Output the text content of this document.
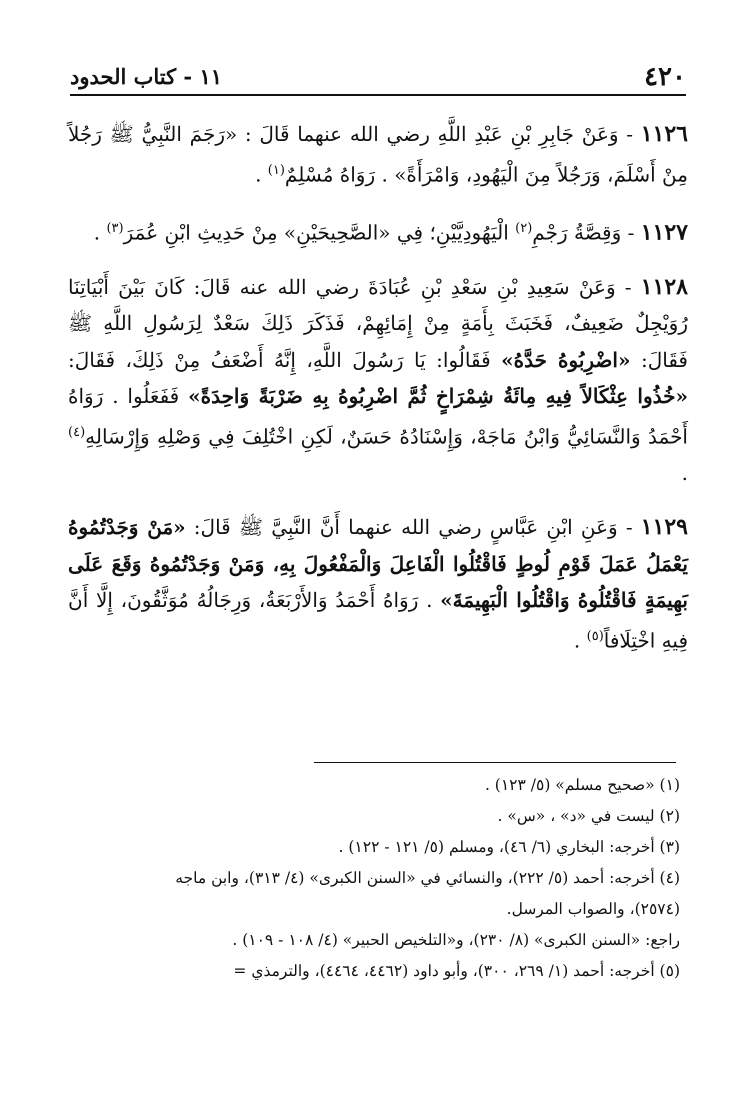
٤٢٠
١١ - كتاب الحدود

١١٢٦ - وَعَنْ جَابِرِ بْنِ عَبْدِ اللَّهِ رضي الله عنهما قَالَ : «رَجَمَ النَّبِيُّ ﷺ رَجُلاً مِنْ أَسْلَمَ، وَرَجُلاً مِنَ الْيَهُودِ، وَامْرَأَةً» . رَوَاهُ مُسْلِمٌ$^{(١)}$ .

١١٢٧ - وَقِصَّةُ رَجْمِ$^{(٢)}$ الْيَهُودِيَّيْنِ؛ فِي «الصَّحِيحَيْنِ» مِنْ حَدِيثِ ابْنِ عُمَرَ$^{(٣)}$ .

١١٢٨ - وَعَنْ سَعِيدِ بْنِ سَعْدِ بْنِ عُبَادَةَ رضي الله عنه قَالَ: كَانَ بَيْنَ أَبْيَاتِنَا رُوَيْجِلٌ ضَعِيفٌ، فَخَبَثَ بِأَمَةٍ مِنْ إِمَائِهِمْ، فَذَكَرَ ذَلِكَ سَعْدٌ لِرَسُولِ اللَّهِ ﷺ فَقَالَ: «اضْرِبُوهُ حَدَّهُ» فَقَالُوا: يَا رَسُولَ اللَّهِ، إِنَّهُ أَضْعَفُ مِنْ ذَلِكَ، فَقَالَ: «خُذُوا عِثْكَالاً فِيهِ مِائَةُ شِمْرَاخٍ ثُمَّ اضْرِبُوهُ بِهِ ضَرْبَةً وَاحِدَةً» فَفَعَلُوا . رَوَاهُ أَحْمَدُ وَالنَّسَائِيُّ وَابْنُ مَاجَهْ، وَإِسْنَادُهُ حَسَنٌ، لَكِنِ اخْتُلِفَ فِي وَصْلِهِ وَإِرْسَالِهِ$^{(٤)}$ .

١١٢٩ - وَعَنِ ابْنِ عَبَّاسٍ رضي الله عنهما أَنَّ النَّبِيَّ ﷺ قَالَ: «مَنْ وَجَدْتُمُوهُ يَعْمَلُ عَمَلَ قَوْمِ لُوطٍ فَاقْتُلُوا الْفَاعِلَ وَالْمَفْعُولَ بِهِ، وَمَنْ وَجَدْتُمُوهُ وَقَعَ عَلَى بَهِيمَةٍ فَاقْتُلُوهُ وَاقْتُلُوا الْبَهِيمَةَ» . رَوَاهُ أَحْمَدُ وَالأَرْبَعَةُ، وَرِجَالُهُ مُوَثَّقُونَ، إِلَّا أَنَّ فِيهِ اخْتِلَافاً$^{(٥)}$ .

(١) «صحيح مسلم» (٥/ ١٢٣) .
(٢) ليست في «د» ، «س» .
(٣) أخرجه: البخاري (٦/ ٤٦)، ومسلم (٥/ ١٢١ - ١٢٢) .
(٤) أخرجه: أحمد (٥/ ٢٢٢)، والنسائي في «السنن الكبرى» (٤/ ٣١٣)، وابن ماجه
(٢٥٧٤)، والصواب المرسل.
راجع: «السنن الكبرى» (٨/ ٢٣٠)، و«التلخيص الحبير» (٤/ ١٠٨ - ١٠٩) .
(٥) أخرجه: أحمد (١/ ٢٦٩، ٣٠٠)، وأبو داود (٤٤٦٢، ٤٤٦٤)، والترمذي =
